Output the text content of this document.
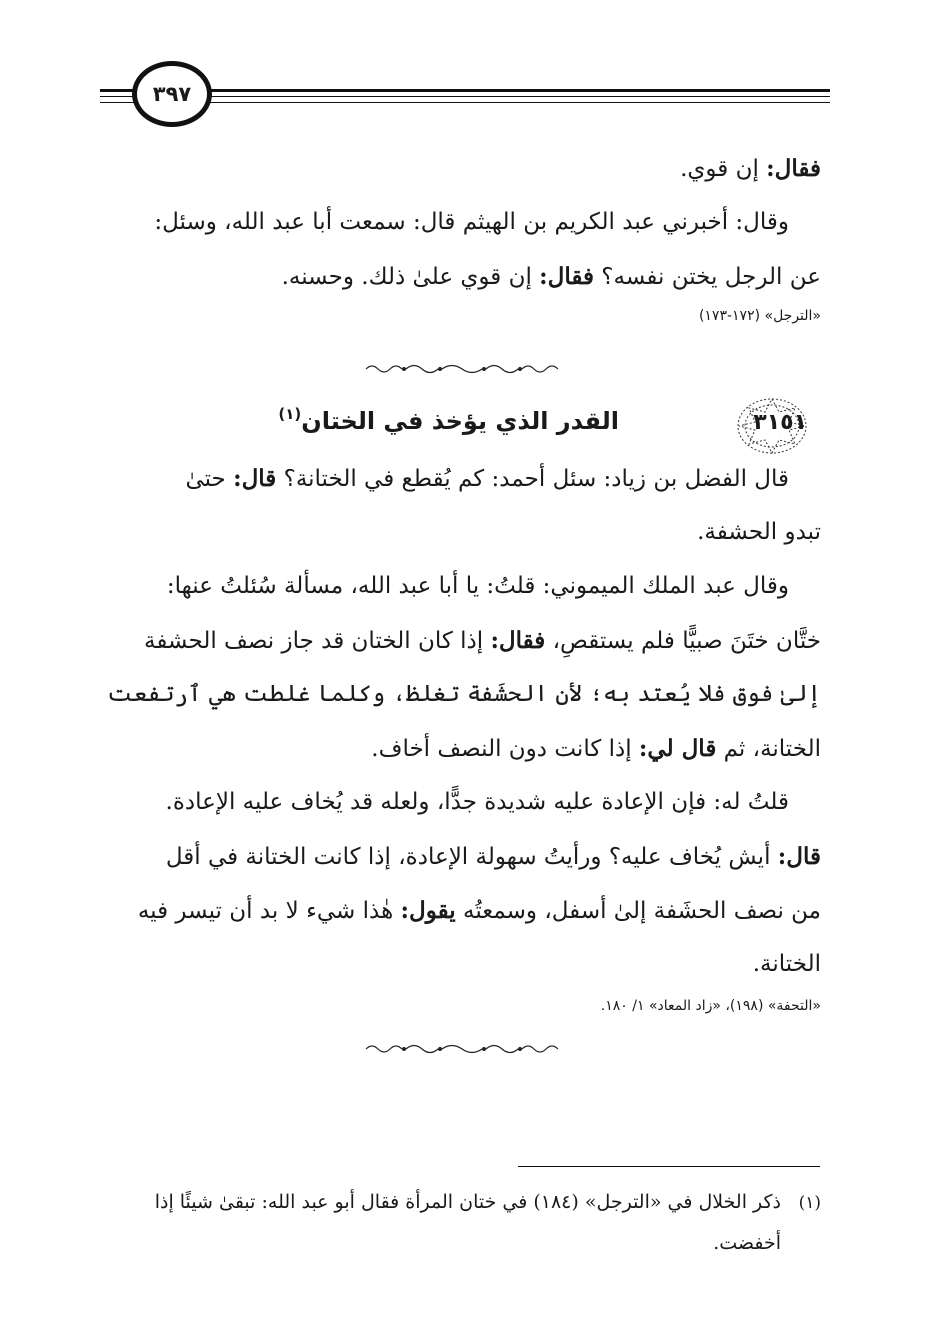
٣٩٧
فقال: إن قوي.
وقال: أخبرني عبد الكريم بن الهيثم قال: سمعت أبا عبد الله، وسئل:
عن الرجل يختن نفسه؟ فقال: إن قوي علىٰ ذلك. وحسنه.
«الترجل» (١٧٢-١٧٣)
٣١٥١
القدر الذي يؤخذ في الختان$^{(١)}$
قال الفضل بن زياد: سئل أحمد: كم يُقطع في الختانة؟ قال: حتىٰ
تبدو الحشفة.
وقال عبد الملك الميموني: قلتُ: يا أبا عبد الله، مسألة سُئلتُ عنها:
ختَّان ختَنَ صبيًّا فلم يستقصِ، فقال: إذا كان الختان قد جاز نصف الحشفة
إلىٰ فوق فلا يُعتد به؛ لأن الحشَفة تغلظ، وكلما غلطت هي ٱرتفعت
الختانة، ثم قال لي: إذا كانت دون النصف أخاف.
قلتُ له: فإن الإعادة عليه شديدة جدًّا، ولعله قد يُخاف عليه الإعادة.
قال: أيش يُخاف عليه؟ ورأيتُ سهولة الإعادة، إذا كانت الختانة في أقل
من نصف الحشَفة إلىٰ أسفل، وسمعتُه يقول: هٰذا شيء لا بد أن تيسر فيه
الختانة.
«التحفة» (١٩٨)، «زاد المعاد» ١/ ١٨٠.
(١)ذكر الخلال في «الترجل» (١٨٤) في ختان المرأة فقال أبو عبد الله: تبقىٰ شيئًا إذا
أخفضت.
